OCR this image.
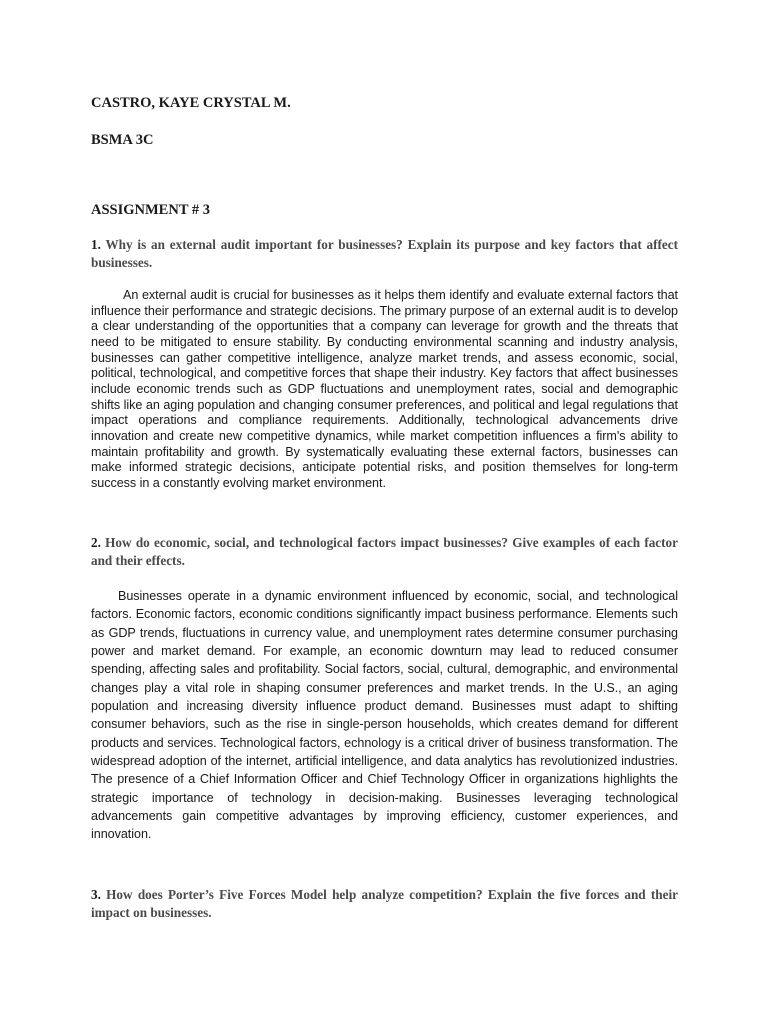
CASTRO, KAYE CRYSTAL M.
BSMA 3C
ASSIGNMENT # 3
1. Why is an external audit important for businesses? Explain its purpose and key factors that affect businesses.

An external audit is crucial for businesses as it helps them identify and evaluate external factors that influence their performance and strategic decisions. The primary purpose of an external audit is to develop a clear understanding of the opportunities that a company can leverage for growth and the threats that need to be mitigated to ensure stability. By conducting environmental scanning and industry analysis, businesses can gather competitive intelligence, analyze market trends, and assess economic, social, political, technological, and competitive forces that shape their industry. Key factors that affect businesses include economic trends such as GDP fluctuations and unemployment rates, social and demographic shifts like an aging population and changing consumer preferences, and political and legal regulations that impact operations and compliance requirements. Additionally, technological advancements drive innovation and create new competitive dynamics, while market competition influences a firm's ability to maintain profitability and growth. By systematically evaluating these external factors, businesses can make informed strategic decisions, anticipate potential risks, and position themselves for long-term success in a constantly evolving market environment.

2. How do economic, social, and technological factors impact businesses? Give examples of each factor and their effects.

Businesses operate in a dynamic environment influenced by economic, social, and technological factors. Economic factors, economic conditions significantly impact business performance. Elements such as GDP trends, fluctuations in currency value, and unemployment rates determine consumer purchasing power and market demand. For example, an economic downturn may lead to reduced consumer spending, affecting sales and profitability. Social factors, social, cultural, demographic, and environmental changes play a vital role in shaping consumer preferences and market trends. In the U.S., an aging population and increasing diversity influence product demand. Businesses must adapt to shifting consumer behaviors, such as the rise in single-person households, which creates demand for different products and services. Technological factors, echnology is a critical driver of business transformation. The widespread adoption of the internet, artificial intelligence, and data analytics has revolutionized industries. The presence of a Chief Information Officer and Chief Technology Officer in organizations highlights the strategic importance of technology in decision-making. Businesses leveraging technological advancements gain competitive advantages by improving efficiency, customer experiences, and innovation.

3. How does Porter’s Five Forces Model help analyze competition? Explain the five forces and their impact on businesses.
